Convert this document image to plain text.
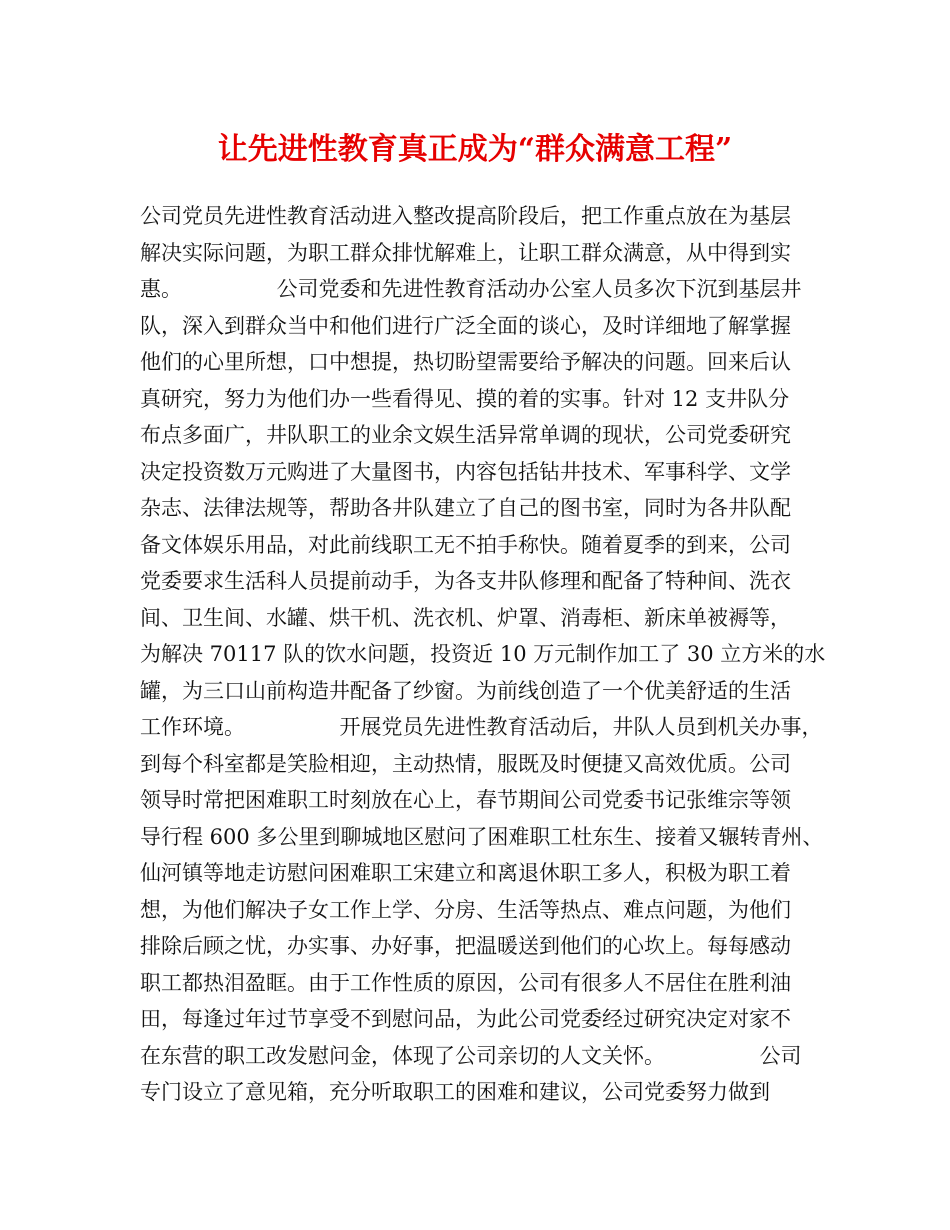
让先进性教育真正成为“群众满意工程”
公司党员先进性教育活动进入整改提高阶段后，把工作重点放在为基层
解决实际问题，为职工群众排忧解难上，让职工群众满意，从中得到实
惠。　　　　　公司党委和先进性教育活动办公室人员多次下沉到基层井
队，深入到群众当中和他们进行广泛全面的谈心，及时详细地了解掌握
他们的心里所想，口中想提，热切盼望需要给予解决的问题。回来后认
真研究，努力为他们办一些看得见、摸的着的实事。针对 12 支井队分
布点多面广，井队职工的业余文娱生活异常单调的现状，公司党委研究
决定投资数万元购进了大量图书，内容包括钻井技术、军事科学、文学
杂志、法律法规等，帮助各井队建立了自己的图书室，同时为各井队配
备文体娱乐用品，对此前线职工无不拍手称快。随着夏季的到来，公司
党委要求生活科人员提前动手，为各支井队修理和配备了特种间、洗衣
间、卫生间、水罐、烘干机、洗衣机、炉罩、消毒柜、新床单被褥等，
为解决 70117 队的饮水问题，投资近 10 万元制作加工了 30 立方米的水
罐，为三口山前构造井配备了纱窗。为前线创造了一个优美舒适的生活
工作环境。　　　　　开展党员先进性教育活动后，井队人员到机关办事，
到每个科室都是笑脸相迎，主动热情，服既及时便捷又高效优质。公司
领导时常把困难职工时刻放在心上，春节期间公司党委书记张维宗等领
导行程 600 多公里到聊城地区慰问了困难职工杜东生、接着又辗转青州、
仙河镇等地走访慰问困难职工宋建立和离退休职工多人，积极为职工着
想，为他们解决子女工作上学、分房、生活等热点、难点问题，为他们
排除后顾之忧，办实事、办好事，把温暖送到他们的心坎上。每每感动
职工都热泪盈眶。由于工作性质的原因，公司有很多人不居住在胜利油
田，每逢过年过节享受不到慰问品，为此公司党委经过研究决定对家不
在东营的职工改发慰问金，体现了公司亲切的人文关怀。　　　　　公司
专门设立了意见箱，充分听取职工的困难和建议，公司党委努力做到
